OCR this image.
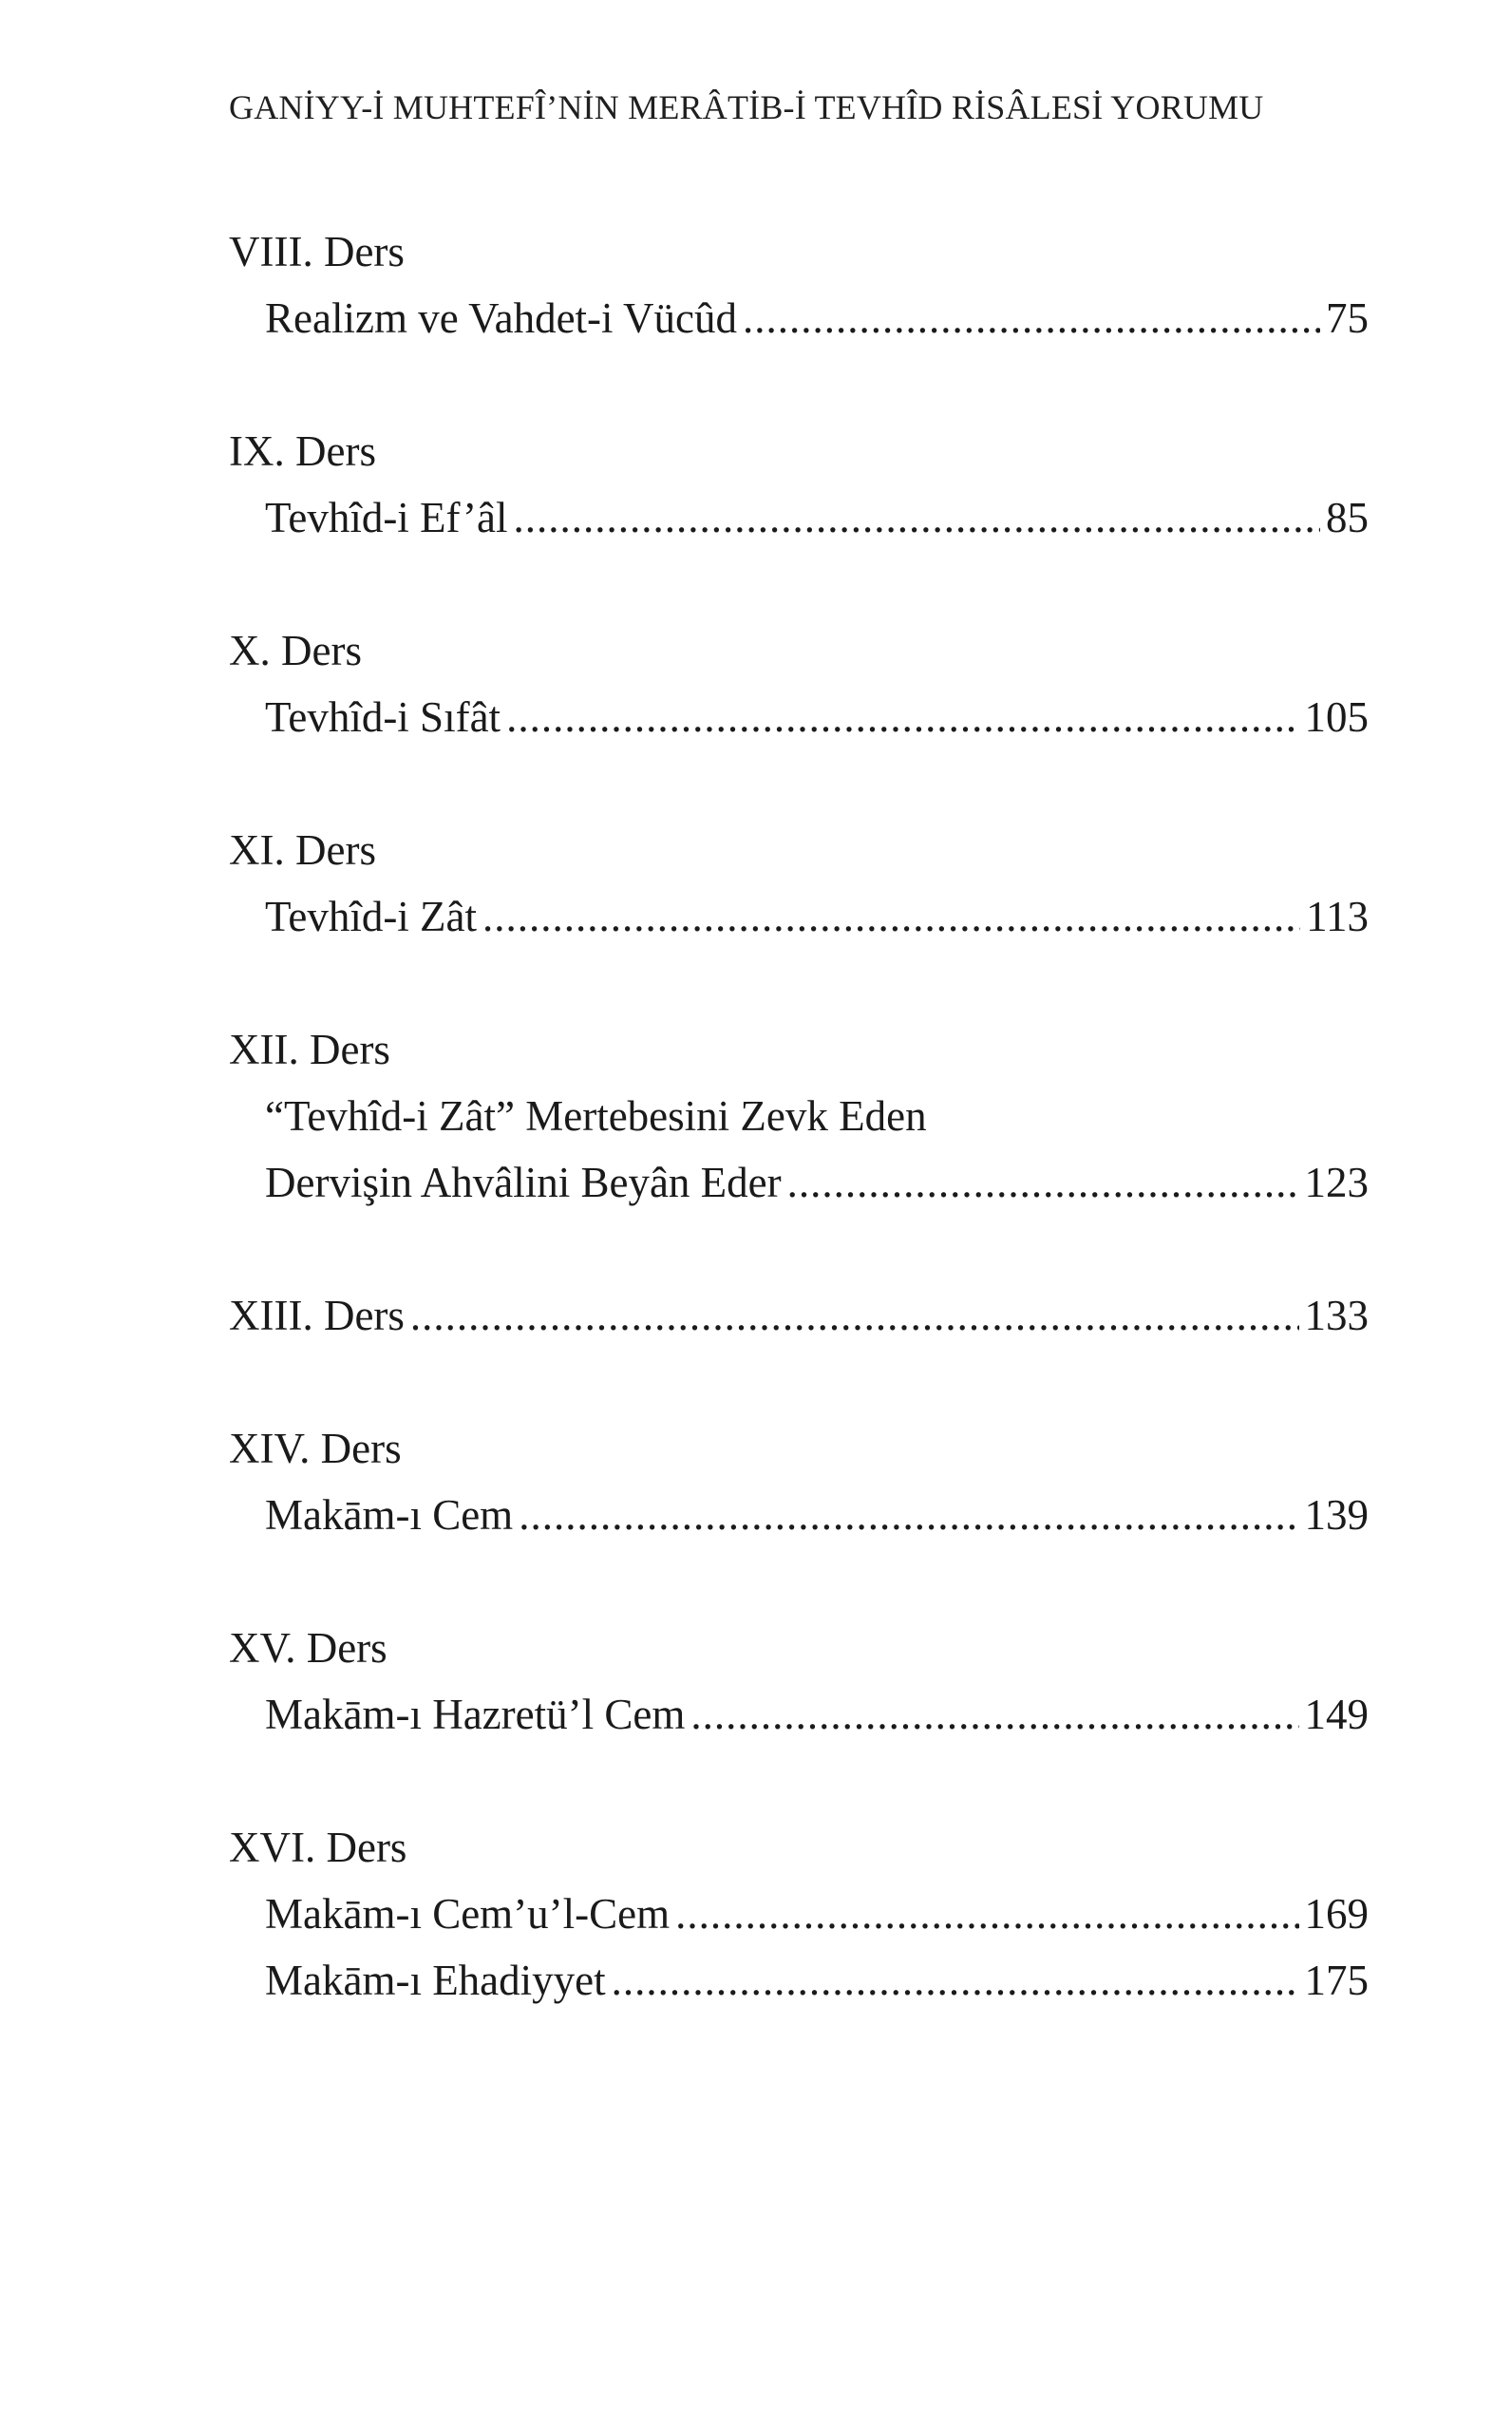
GANİYY-İ MUHTEFÎ’NİN MERÂTİB-İ TEVHÎD RİSÂLESİ YORUMU
VIII. Ders
Realizm ve Vahdet-i Vücûd .....	75
IX. Ders
Tevhîd-i Ef’âl .....	85
X. Ders
Tevhîd-i Sıfât .....	105
XI. Ders
Tevhîd-i Zât .....	113
XII. Ders
“Tevhîd-i Zât” Mertebesini Zevk Eden
Dervişin Ahvâlini Beyân Eder .....	123
XIII. Ders .....	133
XIV. Ders
Makām-ı Cem .....	139
XV. Ders
Makām-ı Hazretü’l Cem .....	149
XVI. Ders
Makām-ı Cem’u’l-Cem .....	169
Makām-ı Ehadiyyet .....	175
